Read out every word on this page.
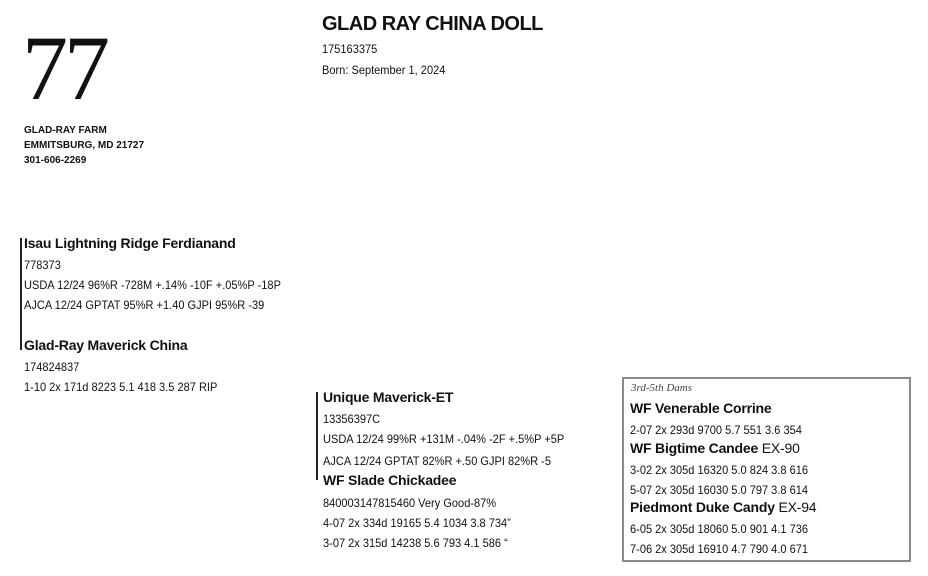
77
GLAD-RAY FARM
EMMITSBURG, MD 21727
301-606-2269
GLAD RAY CHINA DOLL
175163375
Born: September 1, 2024
Isau Lightning Ridge Ferdianand
778373
USDA 12/24 96%R -728M +.14% -10F +.05%P -18P
AJCA 12/24 GPTAT 95%R +1.40 GJPI 95%R -39
Glad-Ray Maverick China
174824837
1-10 2x 171d 8223 5.1 418 3.5 287 RIP
Unique Maverick-ET
13356397C
USDA 12/24 99%R +131M -.04% -2F +.5%P +5P
AJCA 12/24 GPTAT 82%R +.50 GJPI 82%R -5
WF Slade Chickadee
840003147815460 Very Good-87%
4-07 2x 334d 19165 5.4 1034 3.8 734”
3-07 2x 315d 14238 5.6 793 4.1 586 “
3rd-5th Dams
WF Venerable Corrine
2-07 2x 293d 9700 5.7 551 3.6 354
WF Bigtime Candee EX-90
3-02 2x 305d 16320 5.0 824 3.8 616
5-07 2x 305d 16030 5.0 797 3.8 614
Piedmont Duke Candy EX-94
6-05 2x 305d 18060 5.0 901 4.1 736
7-06 2x 305d 16910 4.7 790 4.0 671
